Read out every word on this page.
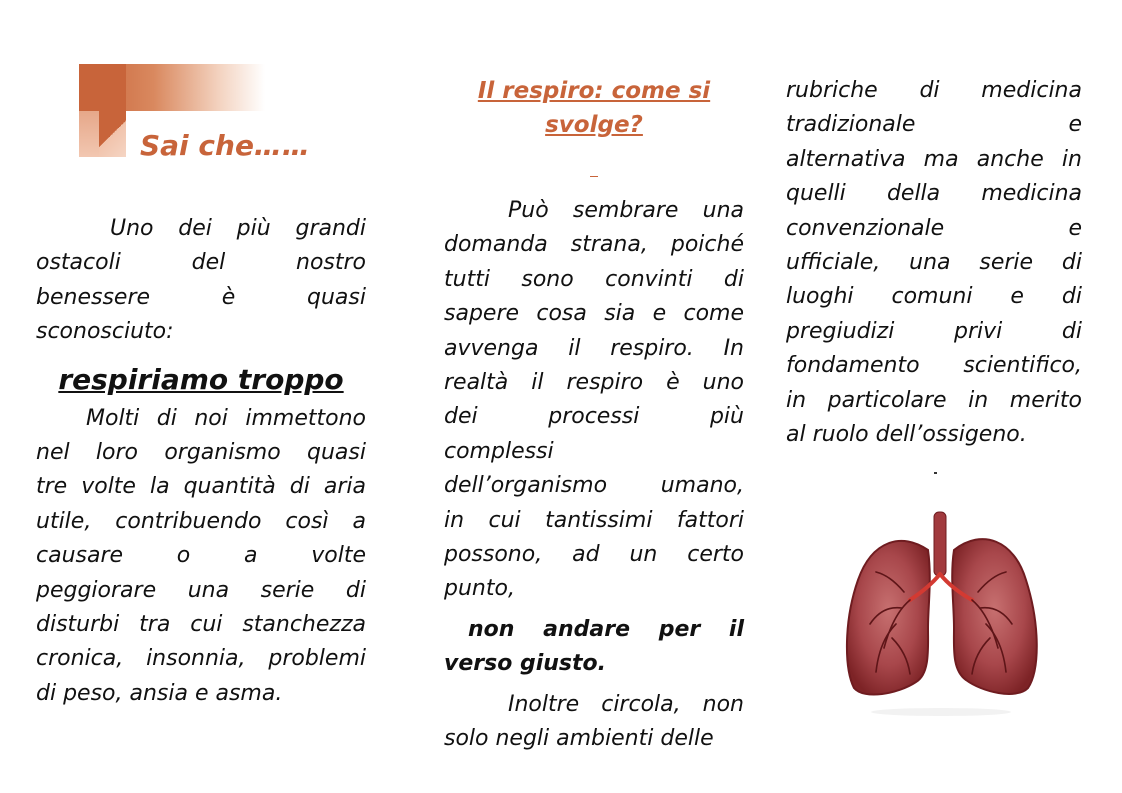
Sai che……
Uno dei più grandi
ostacoli del nostro
benessere è quasi
sconosciuto:
respiriamo troppo
Molti di noi immettono
nel loro organismo quasi
tre volte la quantità di aria
utile, contribuendo così a
causare o a volte
peggiorare una serie di
disturbi tra cui stanchezza
cronica, insonnia, problemi
di peso, ansia e asma.
Il respiro: come si
svolge?
Può sembrare una
domanda strana, poiché
tutti sono convinti di
sapere cosa sia e come
avvenga il respiro. In
realtà il respiro è uno
dei processi più
complessi
dell’organismo umano,
in cui tantissimi fattori
possono, ad un certo
punto,
non andare per il
verso giusto.
Inoltre circola, non
solo negli ambienti delle
rubriche di medicina
tradizionale e
alternativa ma anche in
quelli della medicina
convenzionale e
ufficiale, una serie di
luoghi comuni e di
pregiudizi privi di
fondamento scientifico,
in particolare in merito
al ruolo dell’ossigeno.
